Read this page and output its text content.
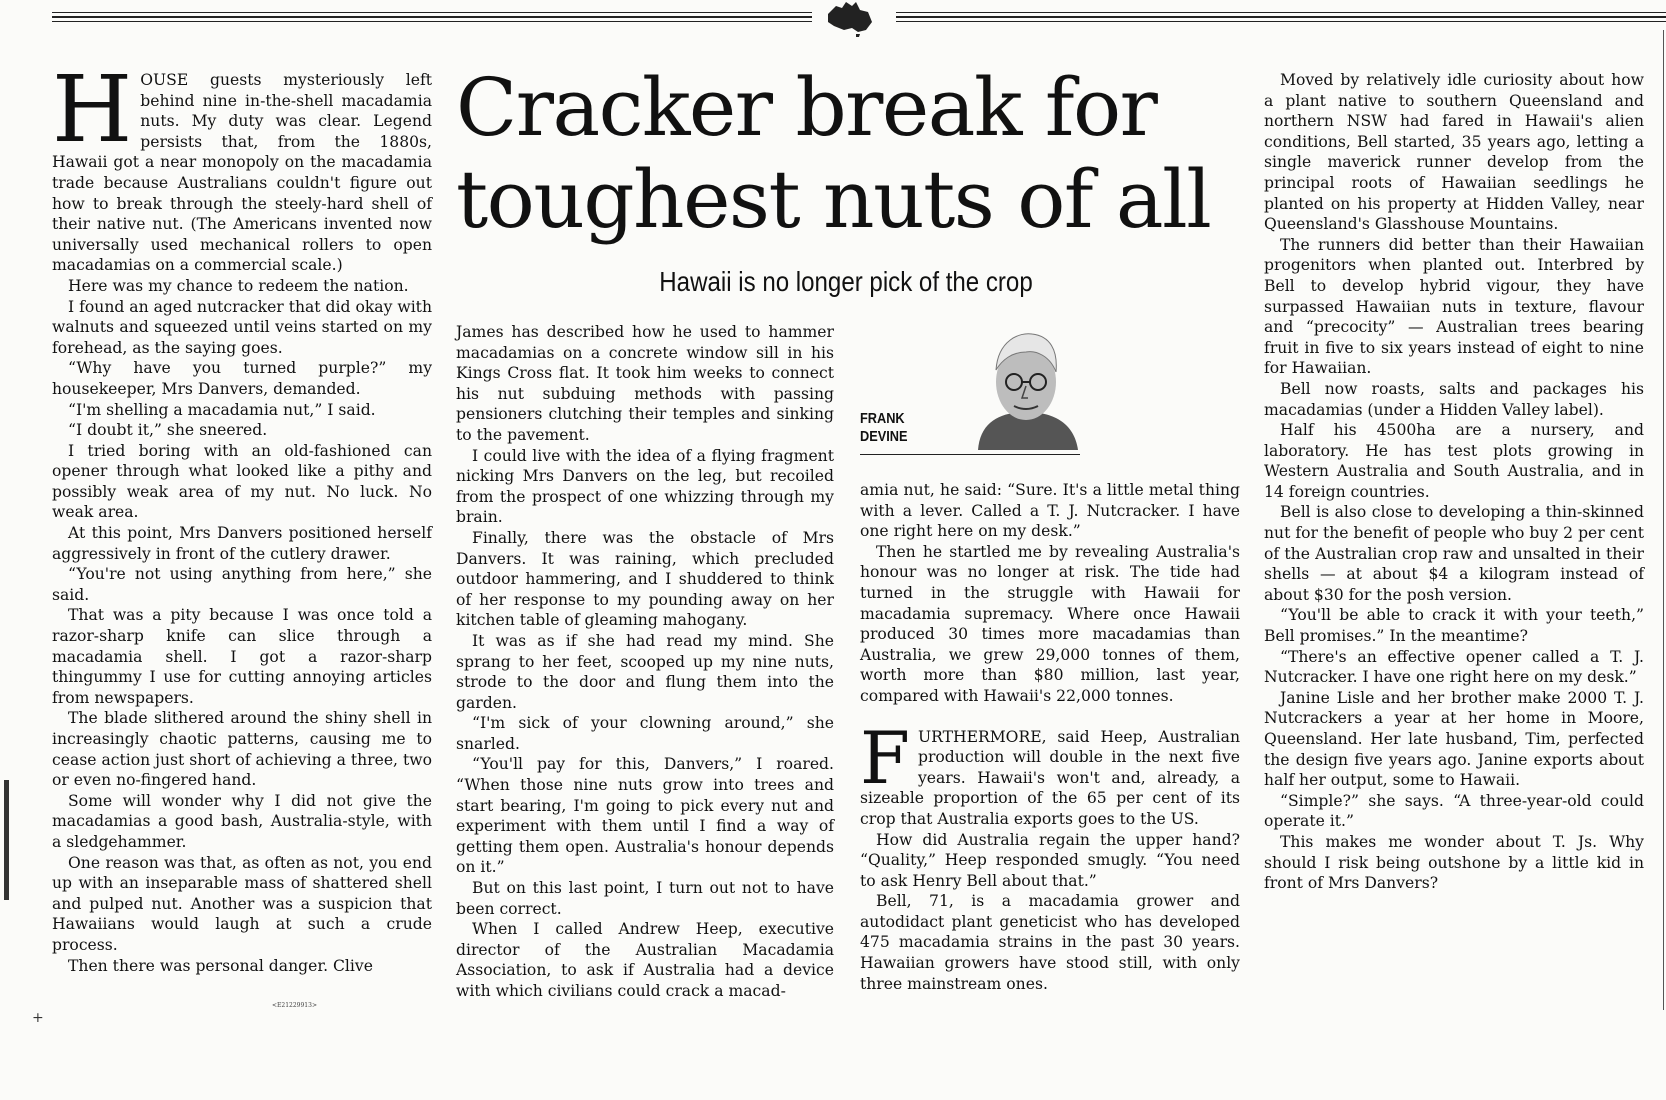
Cracker break for toughest nuts of all
Hawaii is no longer pick of the crop

HOUSE guests mysteriously left behind nine in-the-shell macadamia nuts. My duty was clear. Legend persists that, from the 1880s, Hawaii got a near monopoly on the macadamia trade because Australians couldn't figure out how to break through the steely-hard shell of their native nut. (The Americans invented now universally used mechanical rollers to open macadamias on a commercial scale.)

Here was my chance to redeem the nation.

I found an aged nutcracker that did okay with walnuts and squeezed until veins started on my forehead, as the saying goes.

“Why have you turned purple?” my housekeeper, Mrs Danvers, demanded.

“I'm shelling a macadamia nut,” I said.

“I doubt it,” she sneered.

I tried boring with an old-fashioned can opener through what looked like a pithy and possibly weak area of my nut. No luck. No weak area.

At this point, Mrs Danvers positioned herself aggressively in front of the cutlery drawer.

“You're not using anything from here,” she said.

That was a pity because I was once told a razor-sharp knife can slice through a macadamia shell. I got a razor-sharp thingummy I use for cutting annoying articles from newspapers.

The blade slithered around the shiny shell in increasingly chaotic patterns, causing me to cease action just short of achieving a three, two or even no-fingered hand.

Some will wonder why I did not give the macadamias a good bash, Australia-style, with a sledgehammer.

One reason was that, as often as not, you end up with an inseparable mass of shattered shell and pulped nut. Another was a suspicion that Hawaiians would laugh at such a crude process.

Then there was personal danger. Clive

James has described how he used to hammer macadamias on a concrete window sill in his Kings Cross flat. It took him weeks to connect his nut subduing methods with passing pensioners clutching their temples and sinking to the pavement.

I could live with the idea of a flying fragment nicking Mrs Danvers on the leg, but recoiled from the prospect of one whizzing through my brain.

Finally, there was the obstacle of Mrs Danvers. It was raining, which precluded outdoor hammering, and I shuddered to think of her response to my pounding away on her kitchen table of gleaming mahogany.

It was as if she had read my mind. She sprang to her feet, scooped up my nine nuts, strode to the door and flung them into the garden.

“I'm sick of your clowning around,” she snarled.

“You'll pay for this, Danvers,” I roared. “When those nine nuts grow into trees and start bearing, I'm going to pick every nut and experiment with them until I find a way of getting them open. Australia's honour depends on it.”

But on this last point, I turn out not to have been correct.

When I called Andrew Heep, executive director of the Australian Macadamia Association, to ask if Australia had a device with which civilians could crack a macad-

FRANK
DEVINE

amia nut, he said: “Sure. It's a little metal thing with a lever. Called a T. J. Nutcracker. I have one right here on my desk.”

Then he startled me by revealing Australia's honour was no longer at risk. The tide had turned in the struggle with Hawaii for macadamia supremacy. Where once Hawaii produced 30 times more macadamias than Australia, we grew 29,000 tonnes of them, worth more than $80 million, last year, compared with Hawaii's 22,000 tonnes.

FURTHERMORE, said Heep, Australian production will double in the next five years. Hawaii's won't and, already, a sizeable proportion of the 65 per cent of its crop that Australia exports goes to the US.

How did Australia regain the upper hand? “Quality,” Heep responded smugly. “You need to ask Henry Bell about that.”

Bell, 71, is a macadamia grower and autodidact plant geneticist who has developed 475 macadamia strains in the past 30 years. Hawaiian growers have stood still, with only three mainstream ones.

Moved by relatively idle curiosity about how a plant native to southern Queensland and northern NSW had fared in Hawaii's alien conditions, Bell started, 35 years ago, letting a single maverick runner develop from the principal roots of Hawaiian seedlings he planted on his property at Hidden Valley, near Queensland's Glasshouse Mountains.

The runners did better than their Hawaiian progenitors when planted out. Interbred by Bell to develop hybrid vigour, they have surpassed Hawaiian nuts in texture, flavour and “precocity” — Australian trees bearing fruit in five to six years instead of eight to nine for Hawaiian.

Bell now roasts, salts and packages his macadamias (under a Hidden Valley label).

Half his 4500ha are a nursery, and laboratory. He has test plots growing in Western Australia and South Australia, and in 14 foreign countries.

Bell is also close to developing a thin-skinned nut for the benefit of people who buy 2 per cent of the Australian crop raw and unsalted in their shells — at about $4 a kilogram instead of about $30 for the posh version.

“You'll be able to crack it with your teeth,” Bell promises.” In the meantime?

“There's an effective opener called a T. J. Nutcracker. I have one right here on my desk.”

Janine Lisle and her brother make 2000 T. J. Nutcrackers a year at her home in Moore, Queensland. Her late husband, Tim, perfected the design five years ago. Janine exports about half her output, some to Hawaii.

“Simple?” she says. “A three-year-old could operate it.”

This makes me wonder about T. Js. Why should I risk being outshone by a little kid in front of Mrs Danvers?

<E21229913>
+
